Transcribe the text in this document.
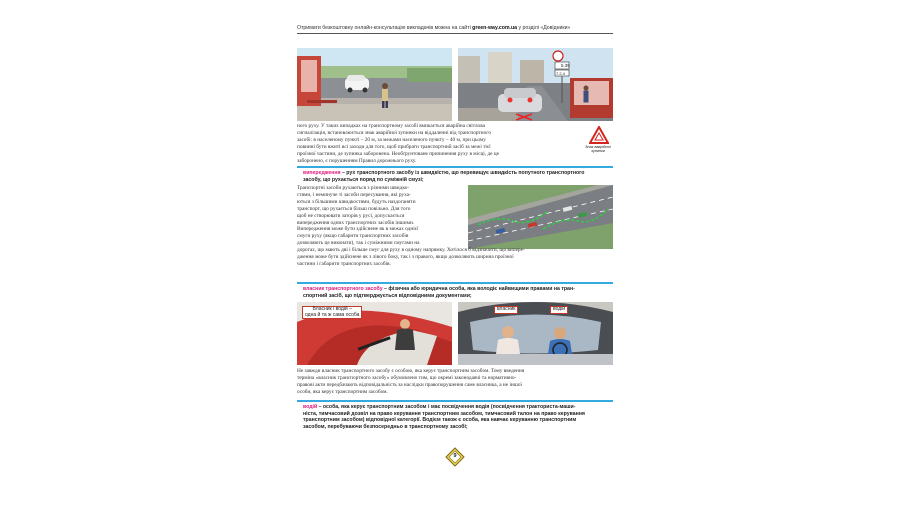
Отримати безкоштовну онлайн-консультацію викладачів можна на сайті green-way.com.ua у розділі «Довідники»
5.39
7.2.4
ного руху. У таких випадках на транспортному засобі вмикається аварійна світлова
сигналізація, встановлюється знак аварійної зупинки на віддаленні від транспортного
засобі: в населеному пункті – 20 м, за межами населеного пункту – 40 м, при цьому
повинні бути вжиті всі заходи для того, щоб прибрати транспортний засіб за межі тієї
проїзної частини, де зупинка заборонена. Необґрунтоване припинення руху в місці, де це
заборонено, є порушенням Правил дорожнього руху.
Знак аварійної зупинки
випередження – рух транспортного засобу із швидкістю, що перевищує швидкість попутного транспортного
засобу, що рухається поряд по суміжній смузі;
Транспортні засоби рухаються з різними швидко-
стями, і неминуче ті засоби пересування, які руха-
ються з більшими швидкостями, будуть наздоганяти
транспорт, що рухається більш повільно. Для того
щоб не створювати заторів у русі, допускається
випередження одних транспортних засобів іншими.
Випередження може бути здійснене як в межах однієї
смуги руху (якщо габарити транспортних засобів
дозволяють це виконати), так і суміжними смугами на
дорогах, що мають дві і більше смуг для руху в одному напрямку. Хотілося б відзначити, що випере-
дження може бути здійснене як з лівого боку, так і з правого, якщо дозволяють ширина проїзної
частини і габарити транспортних засобів.
власник транспортного засобу – фізична або юридична особа, яка володіє найвищими правами на тран-
спортний засіб, що підтверджується відповідними документами;
Власник і водій –
одна й та ж сама особа
власник	водій
Не завжди власник транспортного засобу є особою, яка керує транспортним засобом. Тому введення
терміна «власник транспортного засобу» обумовлено тим, що окремі законодавчі та нормативно-
правові акти передбачають відповідальність за наслідки правопорушення саме власника, а не іншої
особи, яка керує транспортним засобом.
водій – особа, яка керує транспортним засобом і має посвідчення водія (посвідчення тракториста-маши-
ніста, тимчасовий дозвіл на право керування транспортним засобом, тимчасовий талон на право керування
транспортним засобом) відповідної категорії. Водієм також є особа, яка навчає керуванню транспортним
засобом, перебуваючи безпосередньо в транспортному засобі;
9
